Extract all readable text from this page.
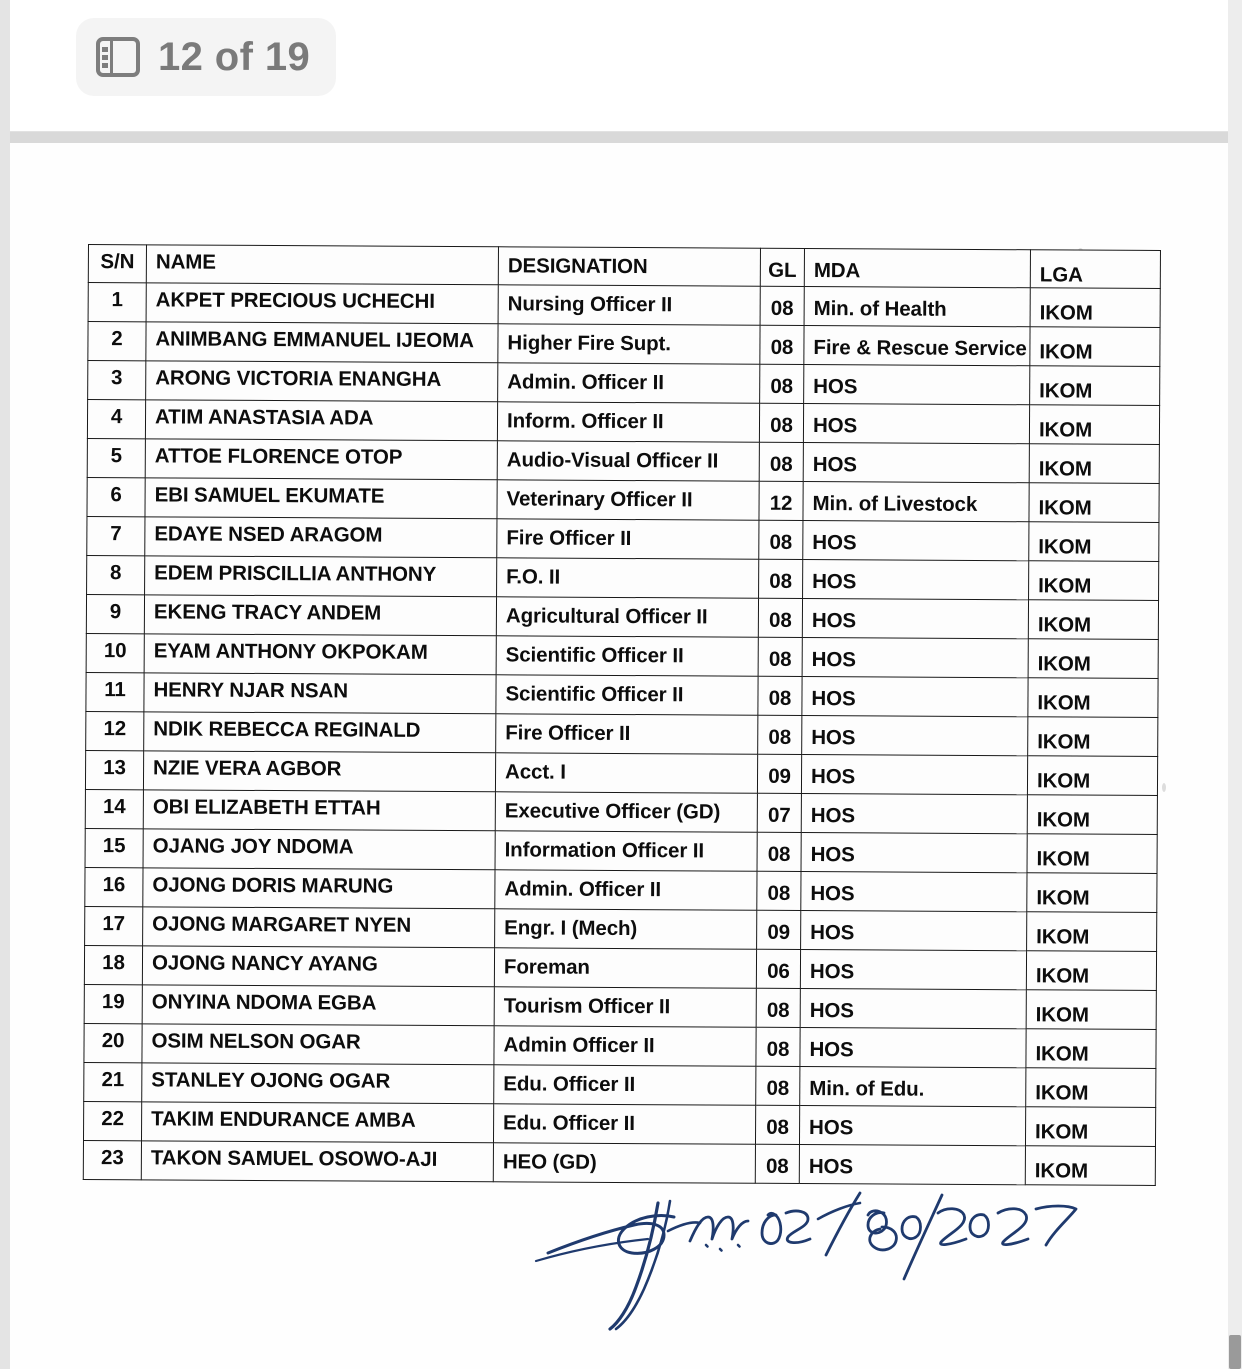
12 of 19
S/N	NAME	DESIGNATION	GL	MDA	LGA
1	AKPET PRECIOUS UCHECHI	Nursing Officer II	08	Min. of Health	IKOM
2	ANIMBANG EMMANUEL IJEOMA	Higher Fire Supt.	08	Fire & Rescue Service	IKOM
3	ARONG VICTORIA ENANGHA	Admin. Officer II	08	HOS	IKOM
4	ATIM ANASTASIA ADA	Inform. Officer II	08	HOS	IKOM
5	ATTOE FLORENCE OTOP	Audio-Visual Officer II	08	HOS	IKOM
6	EBI SAMUEL EKUMATE	Veterinary Officer II	12	Min. of Livestock	IKOM
7	EDAYE NSED ARAGOM	Fire Officer II	08	HOS	IKOM
8	EDEM PRISCILLIA ANTHONY	F.O. II	08	HOS	IKOM
9	EKENG TRACY ANDEM	Agricultural Officer II	08	HOS	IKOM
10	EYAM ANTHONY OKPOKAM	Scientific Officer II	08	HOS	IKOM
11	HENRY NJAR NSAN	Scientific Officer II	08	HOS	IKOM
12	NDIK REBECCA REGINALD	Fire Officer II	08	HOS	IKOM
13	NZIE VERA AGBOR	Acct. I	09	HOS	IKOM
14	OBI ELIZABETH ETTAH	Executive Officer (GD)	07	HOS	IKOM
15	OJANG JOY NDOMA	Information Officer II	08	HOS	IKOM
16	OJONG DORIS MARUNG	Admin. Officer II	08	HOS	IKOM
17	OJONG MARGARET NYEN	Engr. I (Mech)	09	HOS	IKOM
18	OJONG NANCY AYANG	Foreman	06	HOS	IKOM
19	ONYINA NDOMA EGBA	Tourism Officer II	08	HOS	IKOM
20	OSIM NELSON OGAR	Admin Officer II	08	HOS	IKOM
21	STANLEY OJONG OGAR	Edu. Officer II	08	Min. of Edu.	IKOM
22	TAKIM ENDURANCE AMBA	Edu. Officer II	08	HOS	IKOM
23	TAKON SAMUEL OSOWO-AJI	HEO (GD)	08	HOS	IKOM
